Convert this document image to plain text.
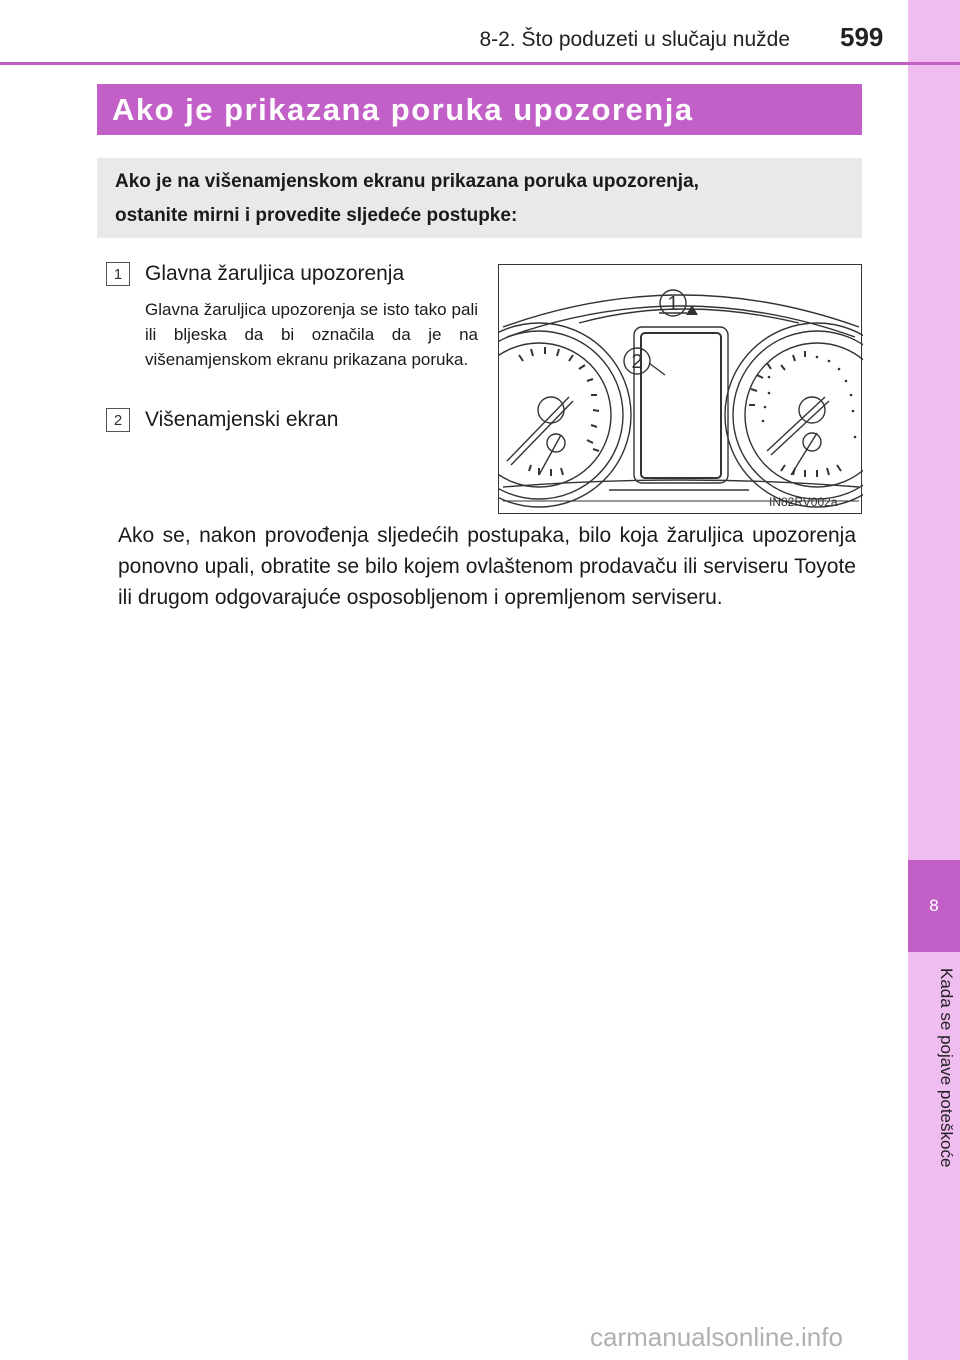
8
Kada se pojave poteškoće
8-2. Što poduzeti u slučaju nužde 599
Ako je prikazana poruka upozorenja
Ako je na višenamjenskom ekranu prikazana poruka upozorenja,
ostanite mirni i provedite sljedeće postupke:
1	Glavna žaruljica upozorenja
Glavna žaruljica upozorenja se isto tako pali ili bljeska da bi označila da je na višenamjenskom ekranu prikazana poruka.
2	Višenamjenski ekran
1
2
IN82RV002a
Ako se, nakon provođenja sljedećih postupaka, bilo koja žaruljica upozorenja ponovno upali, obratite se bilo kojem ovlaštenom prodavaču ili serviseru Toyote ili drugom odgovarajuće osposobljenom i opremljenom serviseru.
carmanualsonline.info
